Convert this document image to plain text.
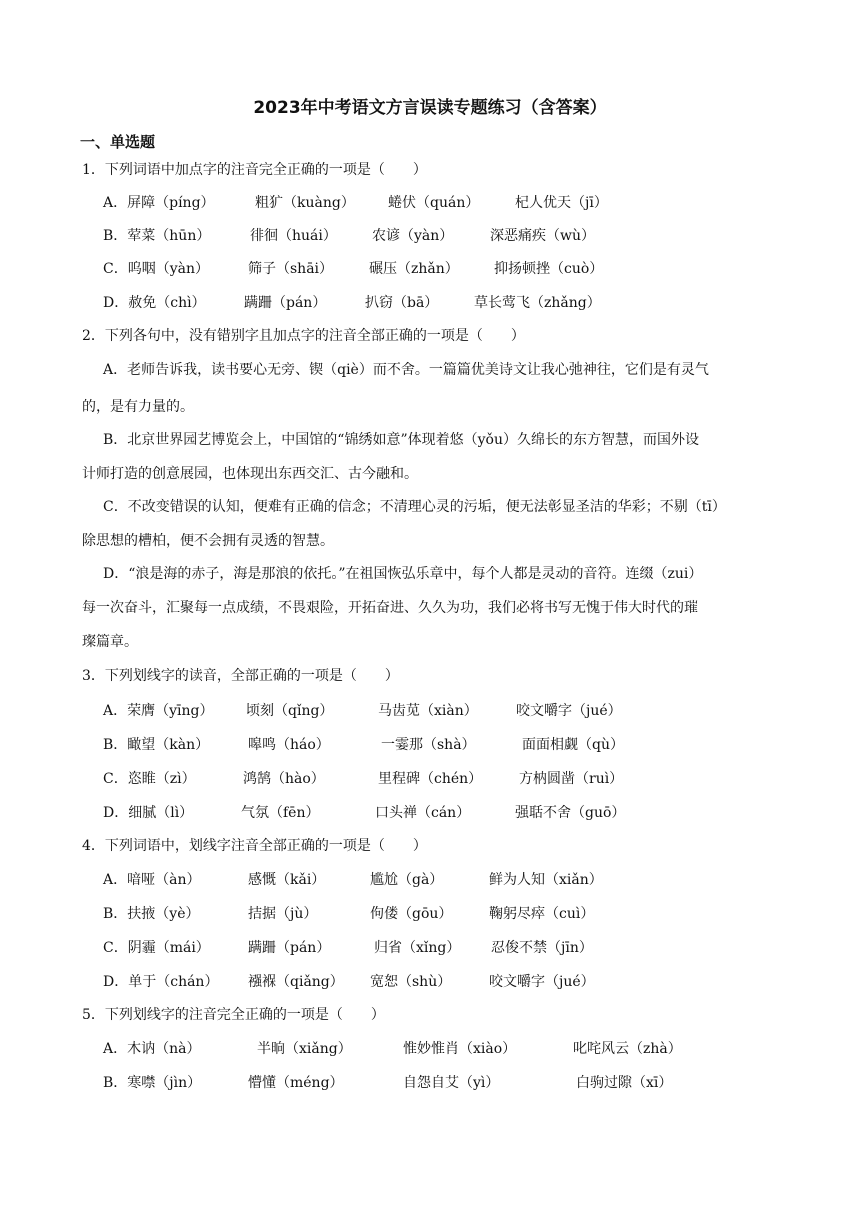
2023年中考语文方言误读专题练习（含答案）
一、单选题
1．下列词语中加点字的注音完全正确的一项是（　　）
A．屏障（píng）	粗犷（kuàng） 蜷伏（quán）	杞人优天（jī）
B．荤菜（hūn）	徘徊（huái）	农谚（yàn）	深恶痛疾（wù）
C．呜咽（yàn）	筛子（shāi）	碾压（zhǎn）	抑扬顿挫（cuò）
D．赦免（chì）	蹒跚（pán）	扒窃（bā）	草长莺飞（zhǎng）
2．下列各句中，没有错别字且加点字的注音全部正确的一项是（　　）
A．老师告诉我，读书要心无旁、锲（qiè）而不舍。一篇篇优美诗文让我心弛神往，它们是有灵气
的，是有力量的。
B．北京世界园艺博览会上，中国馆的“锦绣如意”体现着悠（yǒu）久绵长的东方智慧，而国外设
计师打造的创意展园，也体现出东西交汇、古今融和。
C．不改变错误的认知，便难有正确的信念；不清理心灵的污垢，便无法彰显圣洁的华彩；不剔（tī）
除思想的槽柏，便不会拥有灵透的智慧。
D．“浪是海的赤子，海是那浪的依托。”在祖国恢弘乐章中，每个人都是灵动的音符。连缀（zui）
每一次奋斗，汇聚每一点成绩，不畏艰险，开拓奋进、久久为功，我们必将书写无愧于伟大时代的璀
璨篇章。
3．下列划线字的读音，全部正确的一项是（　　）
A．荣膺（yīng） 顷刻（qǐng）	马齿苋（xiàn）	咬文嚼字（jué）
B．瞰望（kàn）	嗥鸣（háo）	一霎那（shà）	面面相觑（qù）
C．恣睢（zì）	鸿鹄（hào）	里程碑（chén）	方枘圆凿（ruì）
D．细腻（lì）	气氛（fēn）	口头禅（cán）	强聒不舍（guō）
4．下列词语中，划线字注音全部正确的一项是（　　）
A．喑哑（àn）	感慨（kǎi）	尴尬（gà）	鲜为人知（xiǎn）
B．扶掖（yè）	拮据（jù）	佝偻（gōu）	鞠躬尽瘁（cuì）
C．阴霾（mái）	蹒跚（pán）	归省（xǐng） 忍俊不禁（jīn）
D．单于（chán） 襁褓（qiǎng） 宽恕（shù）	咬文嚼字（jué）
5．下列划线字的注音完全正确的一项是（　　）
A．木讷（nà）	半晌（xiǎng）	惟妙惟肖（xiào）	叱咤风云（zhà）
B．寒噤（jìn）	懵懂（méng）	自怨自艾（yì）	白驹过隙（xī）
